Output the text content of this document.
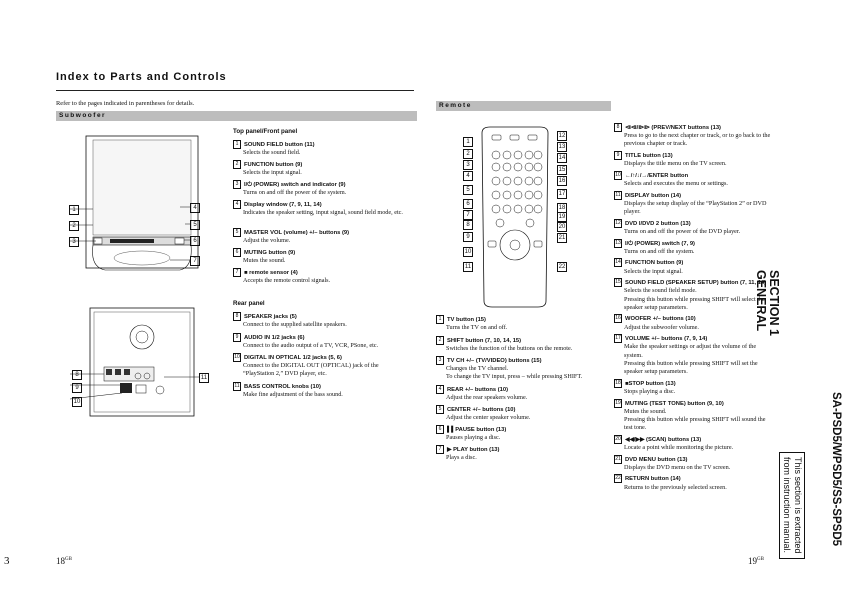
Index to Parts and Controls
Refer to the pages indicated in parentheses for details.
Subwoofer
Remote
1
2
3
4
5
6
7
8
9
10
11
Top panel/Front panel
1 SOUND FIELD button (11)
Selects the sound field.
2 FUNCTION button (9)
Selects the input signal.
3 I/⏻ (POWER) switch and indicator (9)
Turns on and off the power of the system.
4 Display window (7, 9, 11, 14)
Indicates the speaker setting, input signal, sound field mode, etc.
5 MASTER VOL (volume) +/– buttons (9)
Adjust the volume.
6 MUTING button (9)
Mutes the sound.
7 ■ remote sensor (4)
Accepts the remote control signals.
Rear panel
8 SPEAKER jacks (5)
Connect to the supplied satellite speakers.
9 AUDIO IN 1/2 jacks (6)
Connect to the audio output of a TV, VCR, PSone, etc.
10 DIGITAL IN OPTICAL 1/2 jacks (5, 6)
Connect to the DIGITAL OUT (OPTICAL) jack of the “PlayStation 2,” DVD player, etc.
11 BASS CONTROL knobs (10)
Make fine adjustment of the bass sound.
1
2
3
4
5
6
7
8
9
10
11
12
13
14
15
16
17
18
19
20
21
22
1 TV button (15)
Turns the TV on and off.
2 SHIFT button (7, 10, 14, 15)
Switches the function of the buttons on the remote.
3 TV CH +/– (TV/VIDEO) buttons (15)
Changes the TV channel.
To change the TV input, press – while pressing SHIFT.
4 REAR +/– buttons (10)
Adjust the rear speakers volume.
5 CENTER +/– buttons (10)
Adjust the center speaker volume.
6 ▌▌PAUSE button (13)
Pauses playing a disc.
7 ▶ PLAY button (13)
Plays a disc.
8 ⧏⧏/⧐⧐ (PREV/NEXT buttons (13)
Press to go to the next chapter or track, or to go back to the previous chapter or track.
9 TITLE button (13)
Displays the title menu on the TV screen.
10 ←/↑/↓/→/ENTER button
Selects and executes the menu or settings.
11 DISPLAY button (14)
Displays the setup display of the “PlayStation 2” or DVD player.
12 DVD I/DVD 2 button (13)
Turns on and off the power of the DVD player.
13 I/⏻ (POWER) switch (7, 9)
Turns on and off the system.
14 FUNCTION button (9)
Selects the input signal.
15 SOUND FIELD (SPEAKER SETUP) button (7, 11, 14)
Selects the sound field mode.
Pressing this button while pressing SHIFT will select the speaker setup parameters.
16 WOOFER +/– buttons (10)
Adjust the subwoofer volume.
17 VOLUME +/– buttons (7, 9, 14)
Make the speaker settings or adjust the volume of the system.
Pressing this button while pressing SHIFT will set the speaker setup parameters.
18 ■STOP button (13)
Stops playing a disc.
19 MUTING (TEST TONE) button (9, 10)
Mutes the sound.
Pressing this button while pressing SHIFT will sound the test tone.
20 ◀◀/▶▶ (SCAN) buttons (13)
Locate a point while monitoring the picture.
21 DVD MENU button (13)
Displays the DVD menu on the TV screen.
22 RETURN button (14)
Returns to the previously selected screen.
SECTION 1
GENERAL
SA-PSD5/WPSD5/SS-SPSD5
This section is extracted
from instruction manual.
3	$18^{GB}$	$19^{GB}$
